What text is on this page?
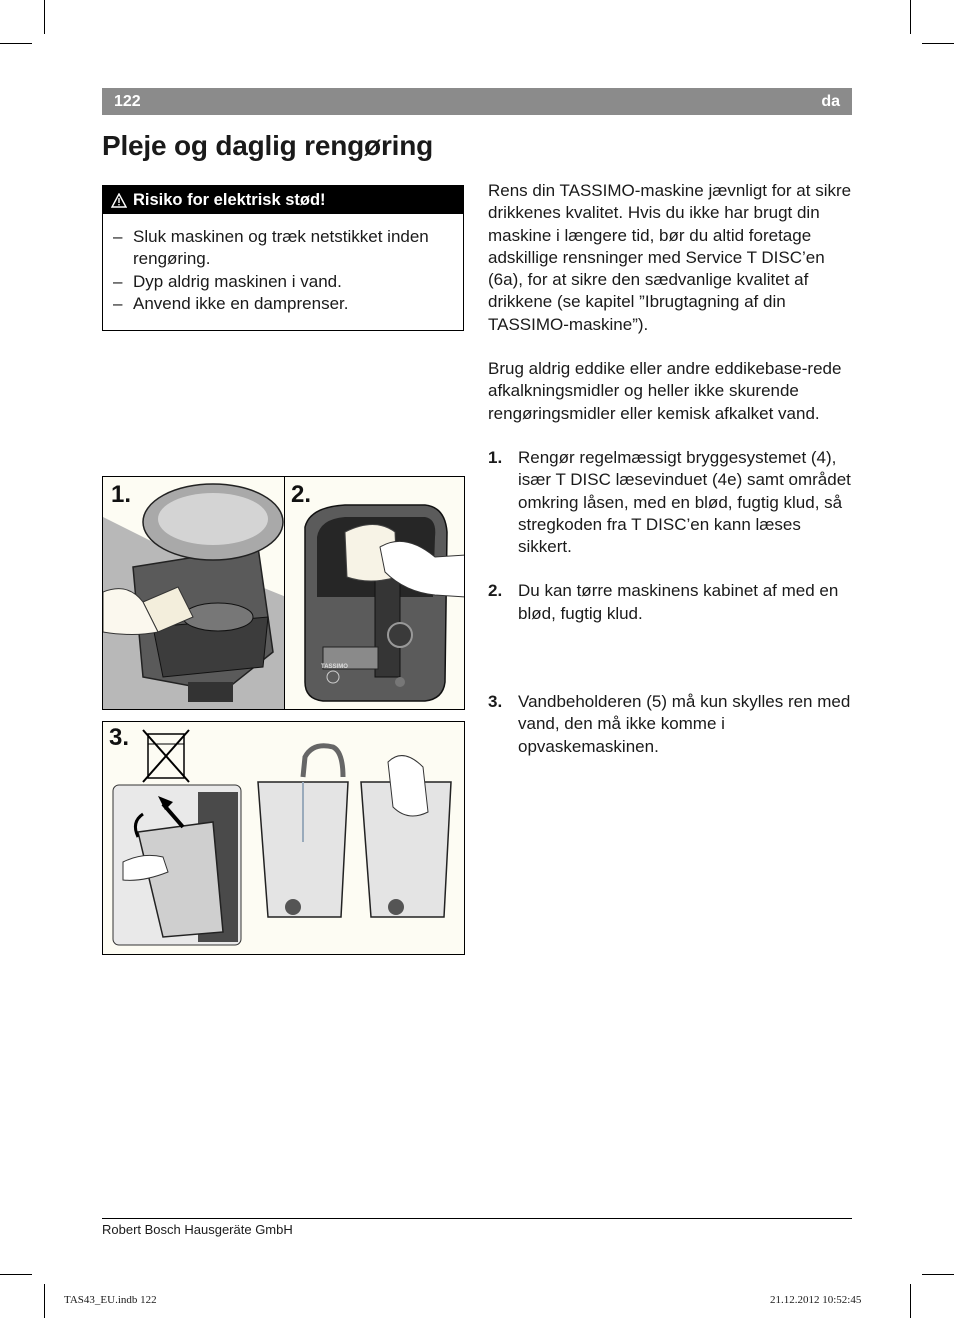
122	da
Pleje og daglig rengøring
Risiko for elektrisk stød!
– Sluk maskinen og træk netstikket inden rengøring.
– Dyp aldrig maskinen i vand.
– Anvend ikke en damprenser.

Rens din TASSIMO-maskine jævnligt for at sikre drikkenes kvalitet. Hvis du ikke har brugt din maskine i længere tid, bør du altid foretage adskillige rensninger med Service T DISC’en (6a), for at sikre den sædvanlige kvalitet af drikkene (se kapitel ”Ibrugtagning af din TASSIMO-maskine”).

Brug aldrig eddike eller andre eddikebase-rede afkalkningsmidler og heller ikke skurende rengøringsmidler eller kemisk afkalket vand.

1. Rengør regelmæssigt bryggesystemet (4), især T DISC læsevinduet (4e) samt området omkring låsen, med en blød, fugtig klud, så stregkoden fra T DISC’en kann læses sikkert.

2. Du kan tørre maskinens kabinet af med en blød, fugtig klud.

3. Vandbeholderen (5) må kun skylles ren med vand, den må ikke komme i opvaskemaskinen.

1.	2.
TASSIMO
3.
Robert Bosch Hausgeräte GmbH
TAS43_EU.indb 122	21.12.2012 10:52:45
